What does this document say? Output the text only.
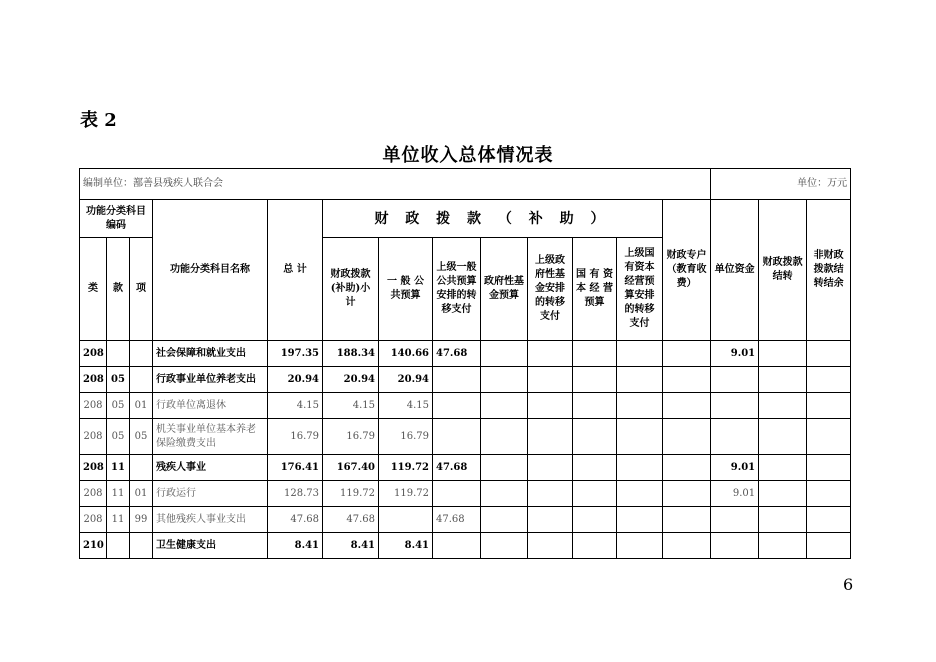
表 2
单位收入总体情况表
编制单位：鄯善县残疾人联合会													单位：万元		
功能分类科目编码			功能分类科目名称	总 计	财 政 拨 款 （ 补 助 ）							财政专户（教育收费）	单位资金	财政拨款结转	非财政拨款结转结余
类	款	项			财政拨款(补助)小计	一 般 公 共预算	上级一般公共预算安排的转移支付	政府性基金预算	上级政府性基金安排的转移支付	国 有 资 本 经 营 预算	上级国有资本经营预算安排的转移支付				
208			社会保障和就业支出	197.35	188.34	140.66	47.68						9.01		
208	05		行政事业单位养老支出	20.94	20.94	20.94									
208	05	01	行政单位离退休	4.15	4.15	4.15									
208	05	05	机关事业单位基本养老保险缴费支出	16.79	16.79	16.79									
208	11		残疾人事业	176.41	167.40	119.72	47.68						9.01		
208	11	01	行政运行	128.73	119.72	119.72							9.01		
208	11	99	其他残疾人事业支出	47.68	47.68		47.68								
210			卫生健康支出	8.41	8.41	8.41									
6
